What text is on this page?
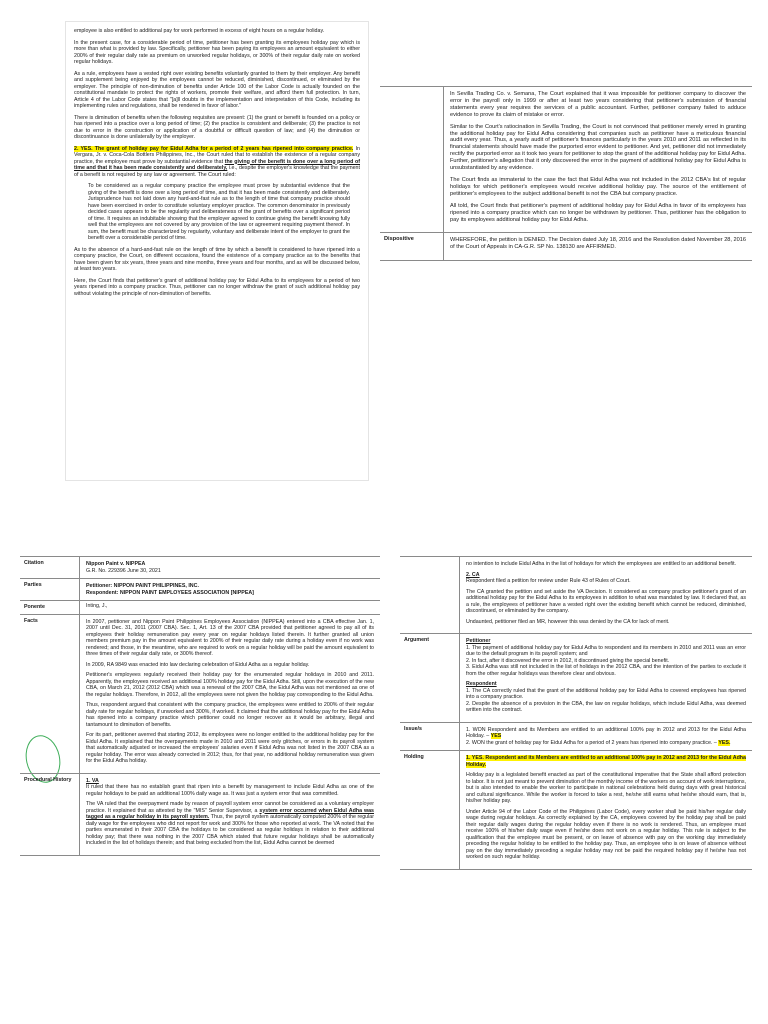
employee is also entitled to additional pay for work performed in excess of eight hours on a regular holiday.

In the present case, for a considerable period of time, petitioner has been granting its employees holiday pay which is more than what is provided by law. Specifically, petitioner has been paying its employees an amount equivalent to either 200% of their regular daily rate as premium on unworked regular holidays, or 300% of their regular daily rate on worked regular holidays.

As a rule, employees have a vested right over existing benefits voluntarily granted to them by their employer. Any benefit and supplement being enjoyed by the employees cannot be reduced, diminished, discontinued, or eliminated by the employer. The principle of non-diminution of benefits under Article 100 of the Labor Code is actually founded on the constitutional mandate to protect the rights of workers, promote their welfare, and afford them full protection. In turn, Article 4 of the Labor Code states that "[a]ll doubts in the implementation and interpretation of this Code, including its implementing rules and regulations, shall be rendered in favor of labor."

There is diminution of benefits when the following requisites are present: (1) the grant or benefit is founded on a policy or has ripened into a practice over a long period of time; (2) the practice is consistent and deliberate; (3) the practice is not due to error in the construction or application of a doubtful or difficult question of law; and (4) the diminution or discontinuance is done unilaterally by the employer.

2. YES. The grant of holiday pay for Eidul Adha for a period of 2 years has ripened into company practice. In Vergara, Jr. v. Coca-Cola Bottlers Philippines, Inc., the Court ruled that to establish the existence of a regular company practice, the employee must prove by substantial evidence that the giving of the benefit is done over a long period of time and that it has been made consistently and deliberately, i.e., despite the employer's knowledge that the payment of a benefit is not required by any law or agreement. The Court ruled:

To be considered as a regular company practice the employee must prove by substantial evidence that the giving of the benefit is done over a long period of time, and that it has been made consistently and deliberately. Jurisprudence has not laid down any hard-and-fast rule as to the length of time that company practice should have been exercised in order to constitute voluntary employer practice. The common denominator in previously decided cases appears to be the regularity and deliberateness of the grant of benefits over a significant period of time. It requires an indubitable showing that the employer agreed to continue giving the benefit knowing fully well that the employees are not covered by any provision of the law or agreement requiring payment thereof. In sum, the benefit must be characterized by regularity, voluntary and deliberate intent of the employer to grant the benefit over a considerable period of time.

As to the absence of a hard-and-fast rule on the length of time by which a benefit is considered to have ripened into a company practice, the Court, on different occasions, found the existence of a company practice as to the benefits that have been given for six years, three years and nine months, three years and four months, and as will be discussed below, at least two years.

Here, the Court finds that petitioner's grant of additional holiday pay for Eidul Adha to its employees for a period of two years ripened into a company practice. Thus, petitioner can no longer withdraw the grant of such additional holiday pay without violating the principle of non-diminution of benefits.

In Sevilla Trading Co. v. Semana, The Court explained that it was impossible for petitioner company to discover the error in the payroll only in 1999 or after at least two years considering that petitioner's submission of financial statements every year requires the services of a public accountant. Further, petitioner company failed to adduce evidence to prove its claim of mistake or error.

Similar to the Court's ratiocination in Sevilla Trading, the Court is not convinced that petitioner merely erred in granting the additional holiday pay for Eidul Adha considering that companies such as petitioner have a meticulous financial audit every year. Thus, a yearly audit of petitioner's finances particularly in the years 2010 and 2011 as reflected in its financial statements should have made the purported error evident to petitioner. And yet, petitioner did not immediately rectify the purported error as it took two years for petitioner to stop the grant of the additional holiday pay for Eidul Adha. Further, petitioner's allegation that it only discovered the error in the payment of additional holiday pay for Eidul Adha is unsubstantiated by any evidence.

The Court finds as immaterial to the case the fact that Eidul Adha was not included in the 2012 CBA's list of regular holidays for which petitioner's employees would receive additional holiday pay. The source of the entitlement of petitioner's employees to the subject additional benefit is not the CBA but company practice.

All told, the Court finds that petitioner's payment of additional holiday pay for Eidul Adha in favor of its employees has ripened into a company practice which can no longer be withdrawn by petitioner. Thus, petitioner has the obligation to pay its employees additional holiday pay for Eidul Adha.

Dispositive	WHEREFORE, the petition is DENIED. The Decision dated July 18, 2016 and the Resolution dated November 28, 2016 of the Court of Appeals in CA-G.R. SP No. 138130 are AFFIRMED.

Citation	Nippon Paint v. NIPPEA

G.R. No. 229396 June 30, 2021

Parties	Petitioner: NIPPON PAINT PHILIPPINES, INC.

Respondent: NIPPON PAINT EMPLOYEES ASSOCIATION [NIPPEA]

Ponente	Inting, J.,

Facts	In 2007, petitioner and Nippon Paint Philippines Employees Association (NIPPEA) entered into a CBA effective Jan. 1, 2007 until Dec. 31, 2011 (2007 CBA). Sec. 1, Art. 13 of the 2007 CBA provided that petitioner agreed to pay all of its employees their holiday remuneration pay every year on regular holidays listed therein. It further granted all union members premium pay in the amount equivalent to 200% of their regular daily rate during a holiday even if no work was rendered; and those, in the meantime, who are required to work on a regular holiday will be paid the amount equivalent to three times of their regular daily rate, or 300% thereof.

In 2009, RA 9849 was enacted into law declaring celebration of Eidul Adha as a regular holiday.

Petitioner's employees regularly received their holiday pay for the enumerated regular holidays in 2010 and 2011. Apparently, the employees received an additional 100% holiday pay for the Eidul Adha. Still, upon the execution of the new CBA, on March 21, 2012 (2012 CBA) which was a renewal of the 2007 CBA, the Eidul Adha was not mentioned as one of the regular holidays. Therefore, in 2012, all the employees were not given the holiday pay corresponding to the Eidul Adha.

Thus, respondent argued that consistent with the company practice, the employees were entitled to 200% of their regular daily rate for regular holidays, if unworked and 300%, if worked. It claimed that the additional holiday pay for the Eidul Adha has ripened into a company practice which petitioner could no longer recover as it would be arbitrary, illegal and tantamount to diminution of benefits.

For its part, petitioner averred that starting 2012, its employees were no longer entitled to the additional holiday pay for the Eidul Adha. It explained that the overpayments made in 2010 and 2011 were only glitches, or errors in its payroll system that automatically adjusted or increased the employees' salaries even if Eidul Adha was not listed in the 2007 CBA as a regular holiday. The error was already corrected in 2012; thus, for that year, no additional holiday remuneration was given for the Eidul Adha holiday.

Procedural History	1. VA

It ruled that there has no establish grant that ripen into a benefit by management to include Eidul Adha as one of the regular holidays to be paid an additional 100% daily wage as. It was just a system error that was committed.

The VA ruled that the overpayment made by reason of payroll system error cannot be considered as a voluntary employer practice. It explained that as attested by the "MIS" Senior Supervisor, a system error occurred when Eidul Adha was tagged as a regular holiday in its payroll system. Thus, the payroll system automatically computed 200% of the regular daily wage for the employees who did not report for work and 300% for those who reported at work. The VA noted that the parties enumerated in their 2007 CBA the holidays to be considered as regular holidays in relation to their additional holiday pay; that there was nothing in the 2007 CBA which stated that future regular holidays shall be automatically included in the list of holidays therein; and that being excluded from the list, Eidul Adha cannot be deemed

no intention to include Eidul Adha in the list of holidays for which the employees are entitled to an additional benefit.

2. CA

Respondent filed a petition for review under Rule 43 of Rules of Court.

The CA granted the petition and set aside the VA Decision. It considered as company practice petitioner's grant of an additional holiday pay for the Eidul Adha to its employees in addition to what was mandated by law. It declared that, as a rule, the employees of petitioner have a vested right over the existing benefit which cannot be reduced, diminished, discontinued, or eliminated by the company.

Undaunted, petitioner filed an MR, however this was denied by the CA for lack of merit.

Argument	Petitioner

1. The payment of additional holiday pay for Eidul Adha to respondent and its members in 2010 and 2011 was an error due to the default program in its payroll system; and

2. In fact, after it discovered the error in 2012, it discontinued giving the special benefit.

3. Eidul Adha was still not included in the list of holidays in the 2012 CBA, and the intention of the parties to exclude it from the other regular holidays was therefore clear and obvious.

Respondent

1. The CA correctly ruled that the grant of the additional holiday pay for Eidul Adha to covered employees has ripened into a company practice.

2. Despite the absence of a provision in the CBA, the law on regular holidays, which include Eidul Adha, was deemed written into the contract.

Issue/s	1. WON Respondent and its Members are entitled to an additional 100% pay in 2012 and 2013 for the Eidul Adha Holiday. – YES

2. WON the grant of holiday pay for Eidul Adha for a period of 2 years has ripened into company practice. – YES.

Holding	1. YES. Respondent and its Members are entitled to an additional 100% pay in 2012 and 2013 for the Eidul Adha Holiday.

Holiday pay is a legislated benefit enacted as part of the constitutional imperative that the State shall afford protection to labor. It is not just meant to prevent diminution of the monthly income of the workers on account of work interruptions, but is also intended to enable the worker to participate in national celebrations held during days with great historical and cultural significance. While the worker is forced to take a rest, he/she still earns what he/she should earn, that is, his/her holiday pay.

Under Article 94 of the Labor Code of the Philippines (Labor Code), every worker shall be paid his/her regular daily wage during regular holidays. As correctly explained by the CA, employees covered by the holiday pay shall be paid their regular daily wages during the regular holiday even if there is no work is rendered. Thus, an employee must receive 100% of his/her daily wage even if he/she does not work on a regular holiday. This rule is subject to the qualification that the employee must be present, or on leave of absence with pay on the working day immediately preceding the regular holiday to be entitled to the holiday pay. Thus, an employee who is on leave of absence without pay on the day immediately preceding a regular holiday may not be paid the required holiday pay if he/she has not worked on such regular holiday.
